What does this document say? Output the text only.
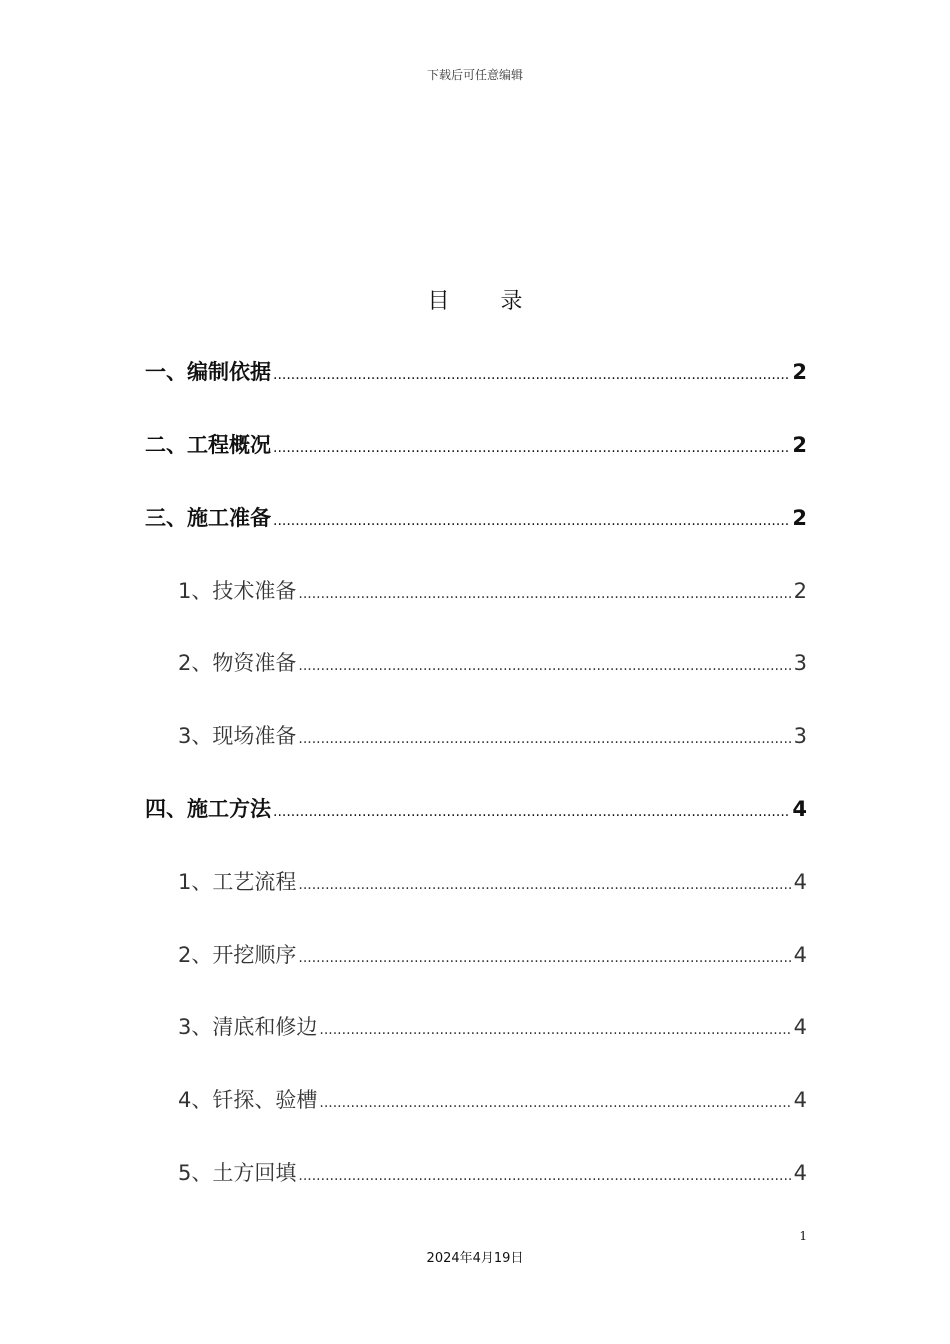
下载后可任意编辑
目 录
一、编制依据 .....	2
二、工程概况 .....	2
三、施工准备 .....	2
1、技术准备 .....	2
2、物资准备 .....	3
3、现场准备 .....	3
四、施工方法 .....	4
1、工艺流程 .....	4
2、开挖顺序 .....	4
3、清底和修边 .....	4
4、钎探、验槽 .....	4
5、土方回填 .....	4
1
2024年4月19日
